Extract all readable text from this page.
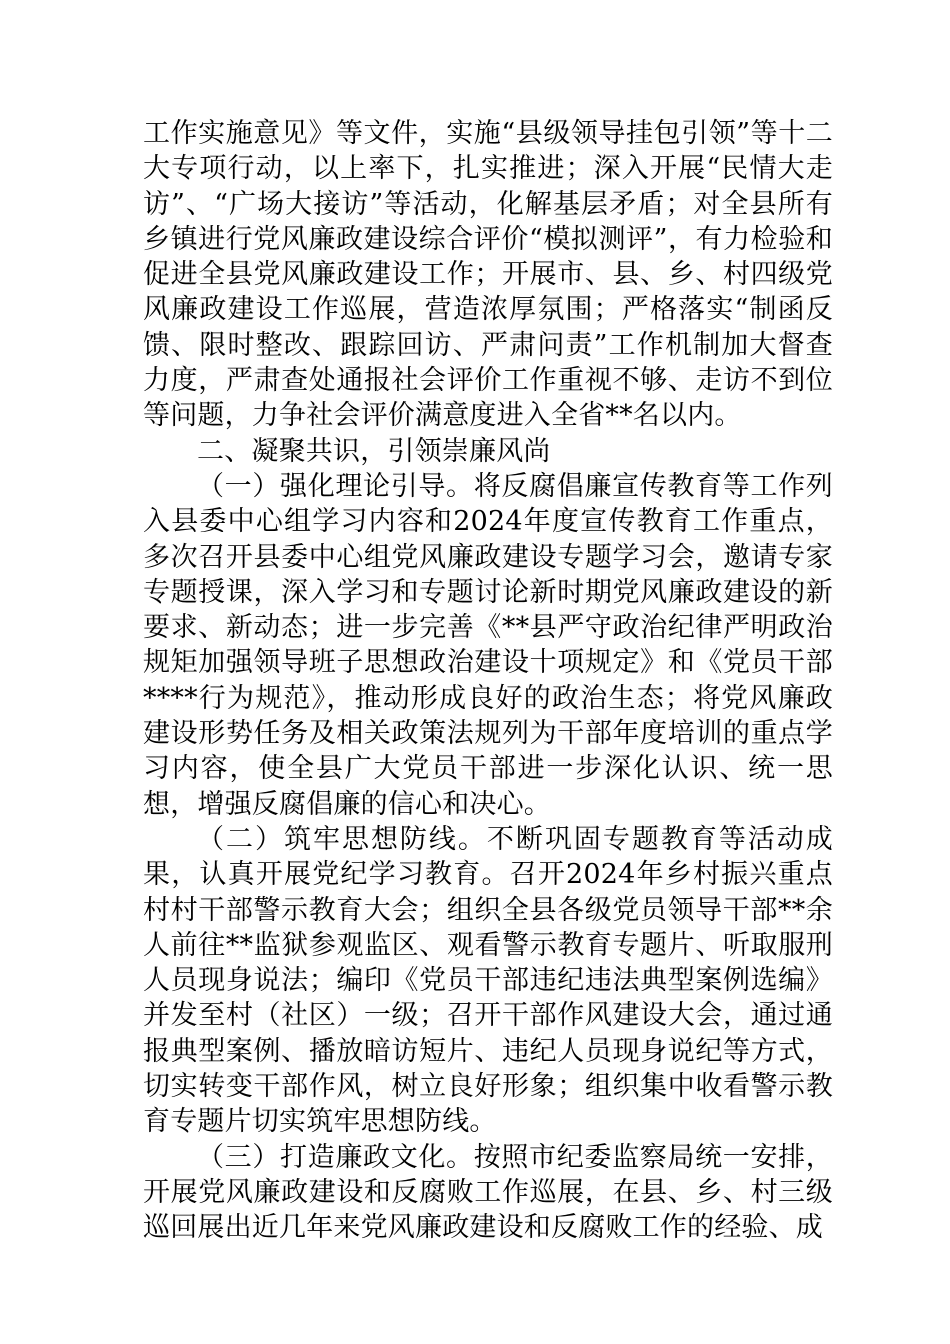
工作实施意见》等文件，实施“县级领导挂包引领”等十二大专项行动，以上率下，扎实推进；深入开展“民情大走访”、“广场大接访”等活动，化解基层矛盾；对全县所有乡镇进行党风廉政建设综合评价“模拟测评”，有力检验和促进全县党风廉政建设工作；开展市、县、乡、村四级党风廉政建设工作巡展，营造浓厚氛围；严格落实“制函反馈、限时整改、跟踪回访、严肃问责”工作机制加大督查力度，严肃查处通报社会评价工作重视不够、走访不到位等问题，力争社会评价满意度进入全省**名以内。

二、凝聚共识，引领崇廉风尚

（一）强化理论引导。将反腐倡廉宣传教育等工作列入县委中心组学习内容和2024年度宣传教育工作重点，多次召开县委中心组党风廉政建设专题学习会，邀请专家专题授课，深入学习和专题讨论新时期党风廉政建设的新要求、新动态；进一步完善《**县严守政治纪律严明政治规矩加强领导班子思想政治建设十项规定》和《党员干部****行为规范》，推动形成良好的政治生态；将党风廉政建设形势任务及相关政策法规列为干部年度培训的重点学习内容，使全县广大党员干部进一步深化认识、统一思想，增强反腐倡廉的信心和决心。

（二）筑牢思想防线。不断巩固专题教育等活动成果，认真开展党纪学习教育。召开2024年乡村振兴重点村村干部警示教育大会；组织全县各级党员领导干部**余人前往**监狱参观监区、观看警示教育专题片、听取服刑人员现身说法；编印《党员干部违纪违法典型案例选编》并发至村（社区）一级；召开干部作风建设大会，通过通报典型案例、播放暗访短片、违纪人员现身说纪等方式，切实转变干部作风，树立良好形象；组织集中收看警示教育专题片切实筑牢思想防线。

（三）打造廉政文化。按照市纪委监察局统一安排，开展党风廉政建设和反腐败工作巡展，在县、乡、村三级巡回展出近几年来党风廉政建设和反腐败工作的经验、成
